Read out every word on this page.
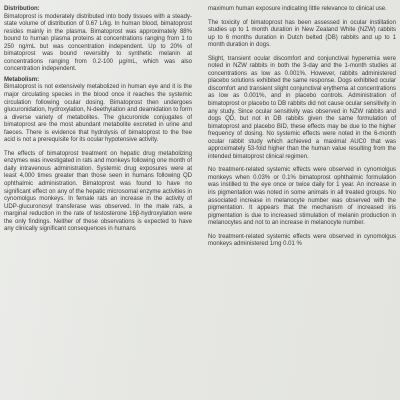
Distribution:

Bimatoprost is moderately distributed into body tissues with a steady-state volume of distribution of 0.67 L/kg. In human blood, bimatoprost resides mainly in the plasma. Bimatoprost was approximately 88% bound to human plasma proteins at concentrations ranging from 1 to 250 ng/mL but was concentration independent. Up to 20% of bimatoprost was bound reversibly to synthetic melanin at concentrations ranging from 0.2-100 µg/mL, which was also concentration independent.

Metabolism:

Bimatoprost is not extensively metabolized in human eye and it is the major circulating species in the blood once it reaches the systemic circulation following ocular dosing. Bimatoprost then undergoes glucuronidation, hydroxylation, N-deethylation and deamidation to form a diverse variety of metabolites. The glucuronide conjugates of bimatoprost are the most abundant metabolite excreted in urine and faeces. There is evidence that hydrolysis of bimatoprost to the free acid is not a prerequisite for its ocular hypotensive activity.

The effects of bimatoprost treatment on hepatic drug metabolizing enzymes was investigated in rats and monkeys following one month of daily intravenous administration. Systemic drug exposures were at least 4,000 times greater than those seen in humans following QD ophthalmic administration. Bimatoprost was found to have no significant effect on any of the hepatic microsomal enzyme activities in cynomolgus monkeys. In female rats an increase in the activity of UDP-glucuronosyl transferase was observed. In the male rats, a marginal reduction in the rate of testosterone 16β-hydroxylation were the only findings. Neither of these observations is expected to have any clinically significant consequences in humans

maximum human exposure indicating little relevance to clinical use.

The toxicity of bimatoprost has been assessed in ocular instillation studies up to 1 month duration in New Zealand White (NZW) rabbits up to 6 months duration in Dutch belted (DB) rabbits and up to 1 month duration in dogs.

Slight, transient ocular discomfort and conjunctival hyperemia were noted in NZW rabbits in both the 3-day and the 1-month studies at concentrations as low as 0.001%. However, rabbits administered placebo solutions exhibited the same response. Dogs exhibited ocular discomfort and transient slight conjunctival erythema at concentrations as low as 0.001%, and in placebo controls. Administration of bimatoprost or placebo to DB rabbits did not cause ocular sensitivity in any study. Since ocular sensitivity was observed in NZW rabbits and dogs QD, but not in DB rabbits given the same formulation of bimatoprost and placebo BID, these effects may be due to the higher frequency of dosing. No systemic effects were noted in the 6-month ocular rabbit study which achieved a maximal AUC0 that was approximately 53-fold higher than the human value resulting from the intended bimatoprost clinical regimen.

No treatment-related systemic effects were observed in cynomolgus monkeys when 0.03% or 0.1% bimatoprost ophthalmic formulation was instilled to the eye once or twice daily for 1 year. An increase in iris pigmentation was noted in some animals in all treated groups. No associated increase in melanocyte number was observed with the pigmentation. It appears that the mechanism of increased iris pigmentation is due to increased stimulation of melanin production in melanocytes and not to an increase in melanocyte number.

No treatment-related systemic effects were observed in cynomolgus monkeys administered 1mg 0.01 %
